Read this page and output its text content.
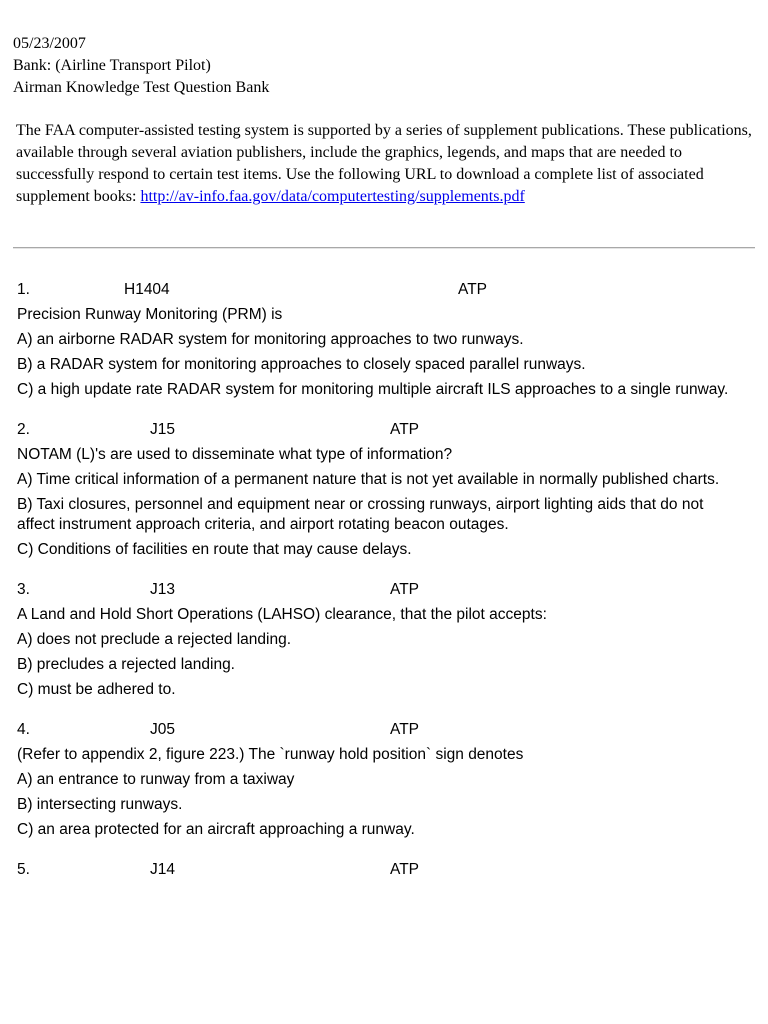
05/23/2007
Bank: (Airline Transport Pilot)
Airman Knowledge Test Question Bank
The FAA computer-assisted testing system is supported by a series of supplement publications. These publications, available through several aviation publishers, include the graphics, legends, and maps that are needed to successfully respond to certain test items. Use the following URL to download a complete list of associated supplement books: http://av-info.faa.gov/data/computertesting/supplements.pdf
1.	H1404	ATP
Precision Runway Monitoring (PRM) is
A) an airborne RADAR system for monitoring approaches to two runways.
B) a RADAR system for monitoring approaches to closely spaced parallel runways.
C) a high update rate RADAR system for monitoring multiple aircraft ILS approaches to a single runway.
2.	J15	ATP
NOTAM (L)'s are used to disseminate what type of information?
A) Time critical information of a permanent nature that is not yet available in normally published charts.
B) Taxi closures, personnel and equipment near or crossing runways, airport lighting aids that do not affect instrument approach criteria, and airport rotating beacon outages.
C) Conditions of facilities en route that may cause delays.
3.	J13	ATP
A Land and Hold Short Operations (LAHSO) clearance, that the pilot accepts:
A) does not preclude a rejected landing.
B) precludes a rejected landing.
C) must be adhered to.
4.	J05	ATP
(Refer to appendix 2, figure 223.) The `runway hold position` sign denotes
A) an entrance to runway from a taxiway
B) intersecting runways.
C) an area protected for an aircraft approaching a runway.
5.	J14	ATP
